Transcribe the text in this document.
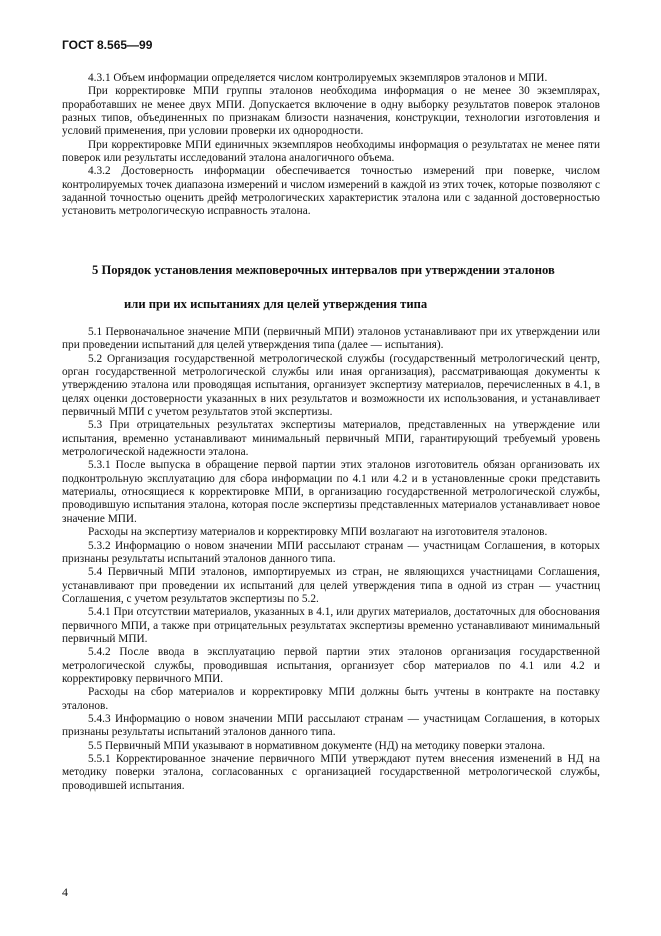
ГОСТ 8.565—99

4.3.1 Объем информации определяется числом контролируемых экземпляров эталонов и МПИ.

При корректировке МПИ группы эталонов необходима информация о не менее 30 экземплярах, проработавших не менее двух МПИ. Допускается включение в одну выборку результатов поверок эталонов разных типов, объединенных по признакам близости назначения, конструкции, технологии изготовления и условий применения, при условии проверки их однородности.

При корректировке МПИ единичных экземпляров необходимы информация о результатах не менее пяти поверок или результаты исследований эталона аналогичного объема.

4.3.2 Достоверность информации обеспечивается точностью измерений при поверке, числом контролируемых точек диапазона измерений и числом измерений в каждой из этих точек, которые позволяют с заданной точностью оценить дрейф метрологических характеристик эталона или с заданной достоверностью установить метрологическую исправность эталона.

5 Порядок установления межповерочных интервалов при утверждении эталонов
или при их испытаниях для целей утверждения типа

5.1 Первоначальное значение МПИ (первичный МПИ) эталонов устанавливают при их утверждении или при проведении испытаний для целей утверждения типа (далее — испытания).

5.2 Организация государственной метрологической службы (государственный метрологический центр, орган государственной метрологической службы или иная организация), рассматривающая документы к утверждению эталона или проводящая испытания, организует экспертизу материалов, перечисленных в 4.1, в целях оценки достоверности указанных в них результатов и возможности их использования, и устанавливает первичный МПИ с учетом результатов этой экспертизы.

5.3 При отрицательных результатах экспертизы материалов, представленных на утверждение или испытания, временно устанавливают минимальный первичный МПИ, гарантирующий требуемый уровень метрологической надежности эталона.

5.3.1 После выпуска в обращение первой партии этих эталонов изготовитель обязан организовать их подконтрольную эксплуатацию для сбора информации по 4.1 или 4.2 и в установленные сроки представить материалы, относящиеся к корректировке МПИ, в организацию государственной метрологической службы, проводившую испытания эталона, которая после экспертизы представленных материалов устанавливает новое значение МПИ.

Расходы на экспертизу материалов и корректировку МПИ возлагают на изготовителя эталонов.

5.3.2 Информацию о новом значении МПИ рассылают странам — участницам Соглашения, в которых признаны результаты испытаний эталонов данного типа.

5.4 Первичный МПИ эталонов, импортируемых из стран, не являющихся участницами Соглашения, устанавливают при проведении их испытаний для целей утверждения типа в одной из стран — участниц Соглашения, с учетом результатов экспертизы по 5.2.

5.4.1 При отсутствии материалов, указанных в 4.1, или других материалов, достаточных для обоснования первичного МПИ, а также при отрицательных результатах экспертизы временно устанавливают минимальный первичный МПИ.

5.4.2 После ввода в эксплуатацию первой партии этих эталонов организация государственной метрологической службы, проводившая испытания, организует сбор материалов по 4.1 или 4.2 и корректировку первичного МПИ.

Расходы на сбор материалов и корректировку МПИ должны быть учтены в контракте на поставку эталонов.

5.4.3 Информацию о новом значении МПИ рассылают странам — участницам Соглашения, в которых признаны результаты испытаний эталонов данного типа.

5.5 Первичный МПИ указывают в нормативном документе (НД) на методику поверки эталона.

5.5.1 Корректированное значение первичного МПИ утверждают путем внесения изменений в НД на методику поверки эталона, согласованных с организацией государственной метрологической службы, проводившей испытания.

4
